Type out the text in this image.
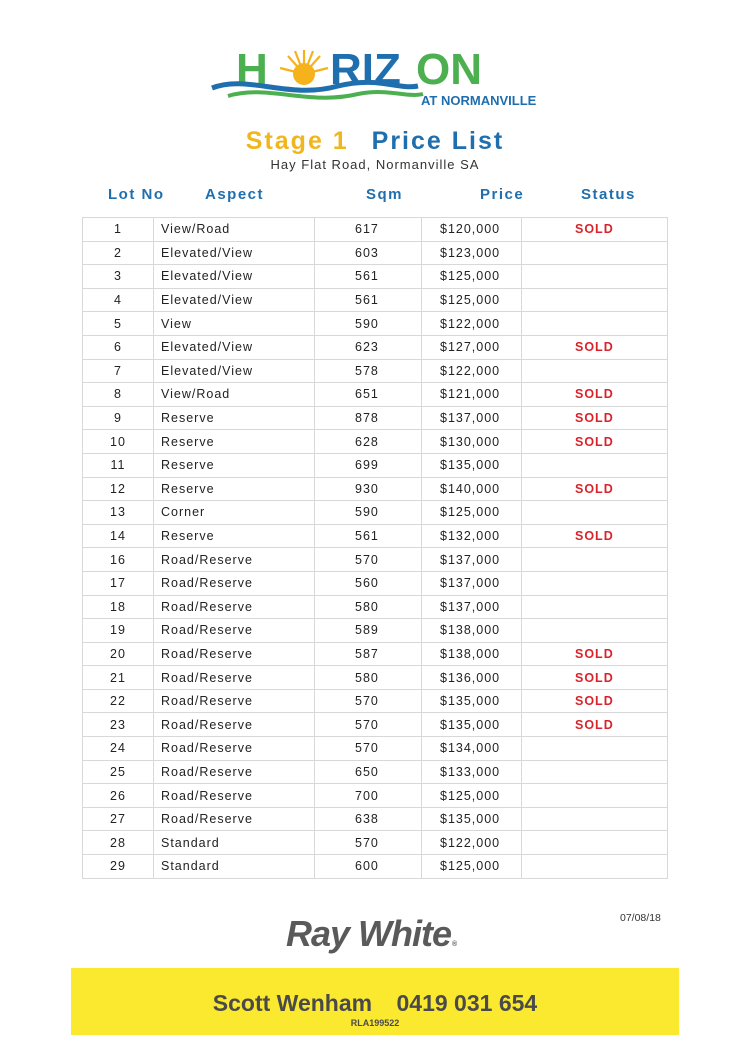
H RIZ ON
AT NORMANVILLE
Stage 1 Price List
Hay Flat Road, Normanville SA
Lot No	Aspect	Sqm	Price	Status
1	View/Road	617	$120,000	SOLD
2	Elevated/View	603	$123,000	
3	Elevated/View	561	$125,000	
4	Elevated/View	561	$125,000	
5	View	590	$122,000	
6	Elevated/View	623	$127,000	SOLD
7	Elevated/View	578	$122,000	
8	View/Road	651	$121,000	SOLD
9	Reserve	878	$137,000	SOLD
10	Reserve	628	$130,000	SOLD
11	Reserve	699	$135,000	
12	Reserve	930	$140,000	SOLD
13	Corner	590	$125,000	
14	Reserve	561	$132,000	SOLD
16	Road/Reserve	570	$137,000	
17	Road/Reserve	560	$137,000	
18	Road/Reserve	580	$137,000	
19	Road/Reserve	589	$138,000	
20	Road/Reserve	587	$138,000	SOLD
21	Road/Reserve	580	$136,000	SOLD
22	Road/Reserve	570	$135,000	SOLD
23	Road/Reserve	570	$135,000	SOLD
24	Road/Reserve	570	$134,000	
25	Road/Reserve	650	$133,000	
26	Road/Reserve	700	$125,000	
27	Road/Reserve	638	$135,000	
28	Standard	570	$122,000	
29	Standard	600	$125,000	
07/08/18
Ray White®
Scott Wenham 0419 031 654
RLA199522
